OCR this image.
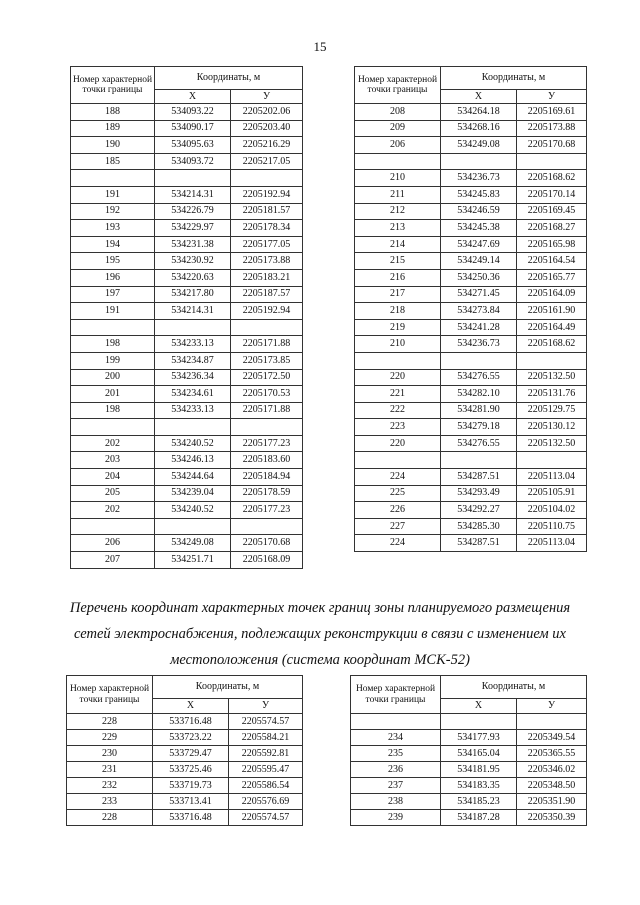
15
Номер характерной точки границы	Координаты, м	
	X	У
188	534093.22	2205202.06
189	534090.17	2205203.40
190	534095.63	2205216.29
185	534093.72	2205217.05

191	534214.31	2205192.94
192	534226.79	2205181.57
193	534229.97	2205178.34
194	534231.38	2205177.05
195	534230.92	2205173.88
196	534220.63	2205183.21
197	534217.80	2205187.57
191	534214.31	2205192.94

198	534233.13	2205171.88
199	534234.87	2205173.85
200	534236.34	2205172.50
201	534234.61	2205170.53
198	534233.13	2205171.88

202	534240.52	2205177.23
203	534246.13	2205183.60
204	534244.64	2205184.94
205	534239.04	2205178.59
202	534240.52	2205177.23

206	534249.08	2205170.68
207	534251.71	2205168.09
Номер характерной точки границы	Координаты, м	
	X	У
208	534264.18	2205169.61
209	534268.16	2205173.88
206	534249.08	2205170.68

210	534236.73	2205168.62
211	534245.83	2205170.14
212	534246.59	2205169.45
213	534245.38	2205168.27
214	534247.69	2205165.98
215	534249.14	2205164.54
216	534250.36	2205165.77
217	534271.45	2205164.09
218	534273.84	2205161.90
219	534241.28	2205164.49
210	534236.73	2205168.62

220	534276.55	2205132.50
221	534282.10	2205131.76
222	534281.90	2205129.75
223	534279.18	2205130.12
220	534276.55	2205132.50

224	534287.51	2205113.04
225	534293.49	2205105.91
226	534292.27	2205104.02
227	534285.30	2205110.75
224	534287.51	2205113.04
Перечень координат характерных точек границ зоны планируемого размещения
сетей электроснабжения, подлежащих реконструкции в связи с изменением их
местоположения (система координат МСК-52)
Номер характерной точки границы	Координаты, м	
	X	У
228	533716.48	2205574.57
229	533723.22	2205584.21
230	533729.47	2205592.81
231	533725.46	2205595.47
232	533719.73	2205586.54
233	533713.41	2205576.69
228	533716.48	2205574.57
Номер характерной точки границы	Координаты, м	
	X	У

234	534177.93	2205349.54
235	534165.04	2205365.55
236	534181.95	2205346.02
237	534183.35	2205348.50
238	534185.23	2205351.90
239	534187.28	2205350.39
